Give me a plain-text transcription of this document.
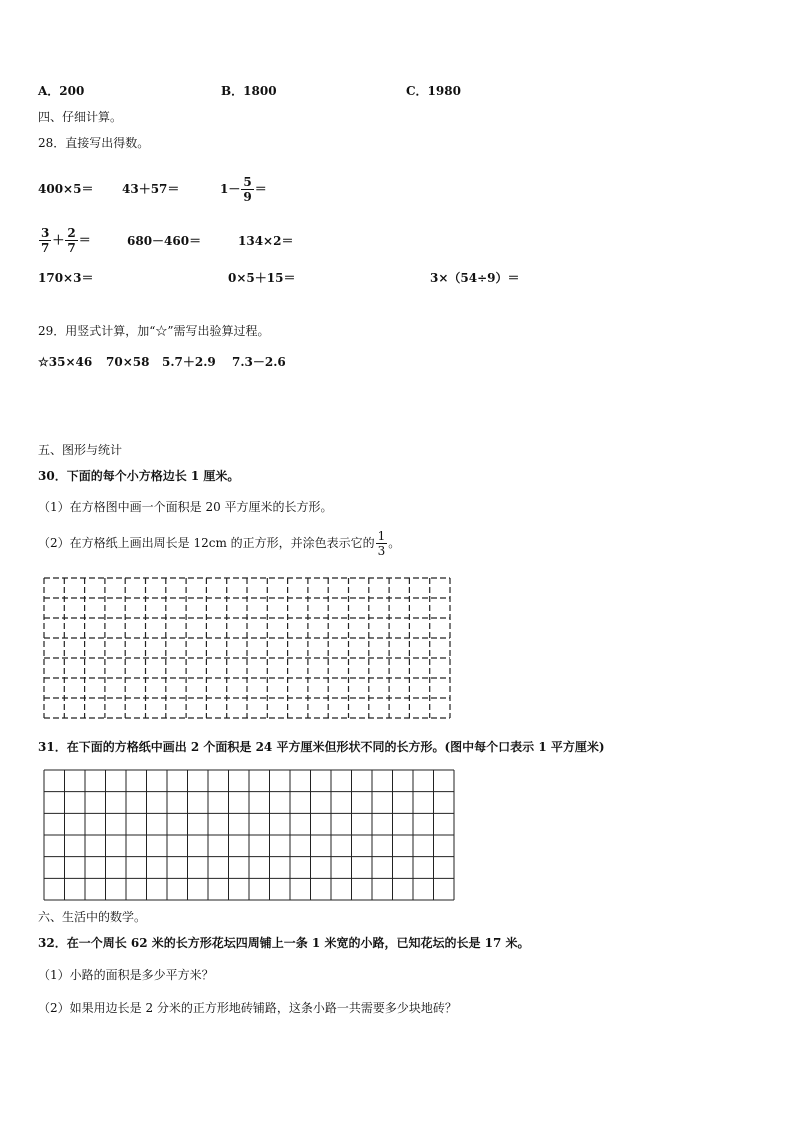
A．200	B．1800	C．1980
四、仔细计算。
28．直接写出得数。
400×5＝ 43＋57＝	$1- \frac{5}{9}$ ＝
$\frac{3}{7} + \frac{2}{7}$ ＝	680－460＝	134×2＝
170×3＝	0×5＋15＝	3×（54÷9）＝
29．用竖式计算，加“☆”需写出验算过程。
☆35×46 70×58 5.7＋2.9 7.3－2.6
五、图形与统计
30．下面的每个小方格边长 1 厘米。
（1）在方格图中画一个面积是 20 平方厘米的长方形。
（2）在方格纸上画出周长是 12cm 的正方形，并涂色表示它的 $\frac{1}{3}$ 。
31．在下面的方格纸中画出 2 个面积是 24 平方厘米但形状不同的长方形。(图中每个口表示 1 平方厘米)
六、生活中的数学。
32．在一个周长 62 米的长方形花坛四周铺上一条 1 米宽的小路，已知花坛的长是 17 米。
（1）小路的面积是多少平方米？
（2）如果用边长是 2 分米的正方形地砖铺路，这条小路一共需要多少块地砖？
